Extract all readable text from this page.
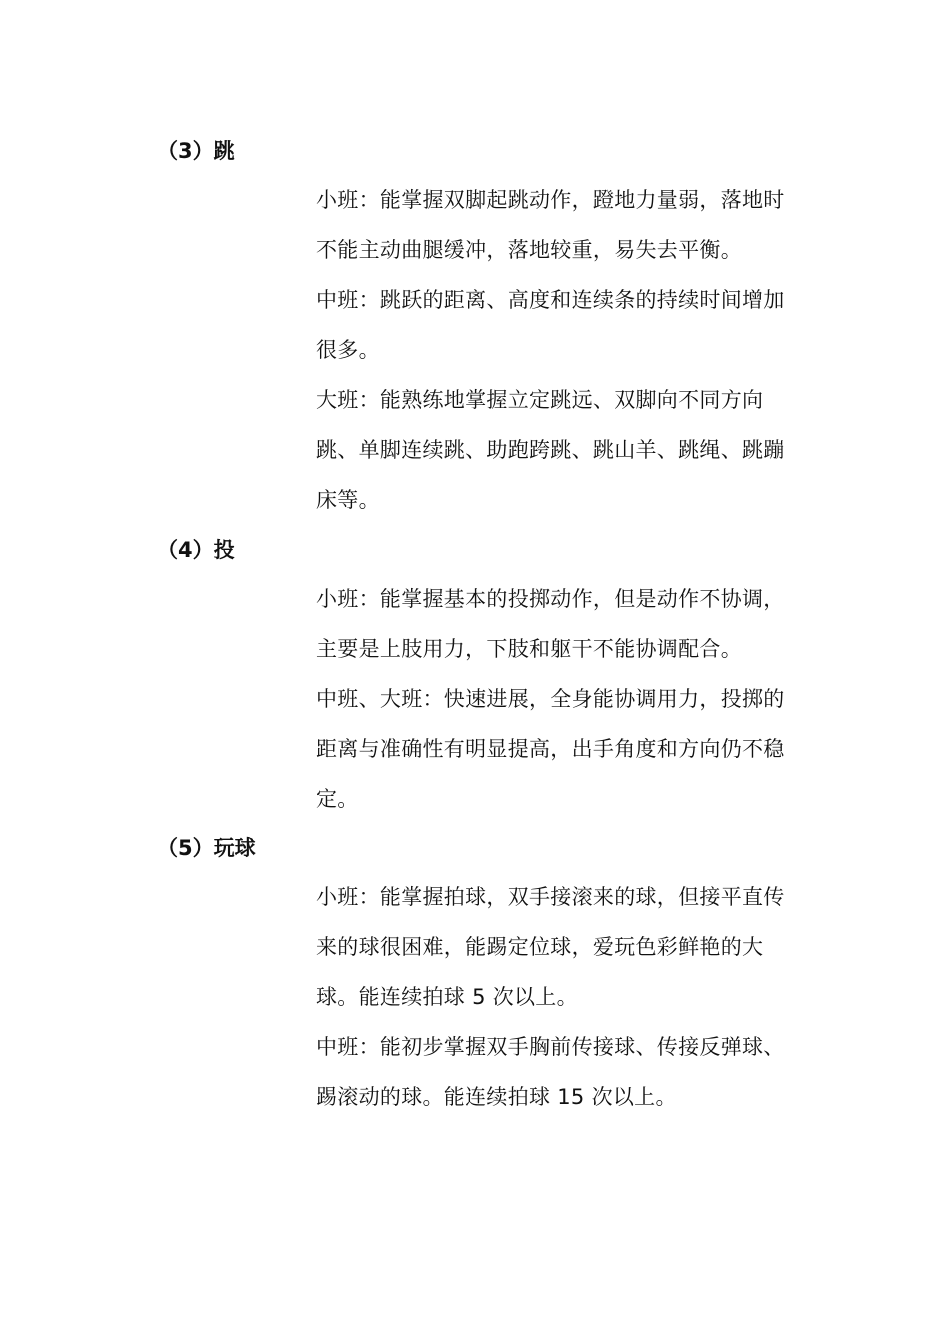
（3）跳

小班：能掌握双脚起跳动作，蹬地力量弱，落地时不能主动曲腿缓冲，落地较重，易失去平衡。

中班：跳跃的距离、高度和连续条的持续时间增加很多。

大班：能熟练地掌握立定跳远、双脚向不同方向跳、单脚连续跳、助跑跨跳、跳山羊、跳绳、跳蹦床等。

（4）投

小班：能掌握基本的投掷动作，但是动作不协调，主要是上肢用力，下肢和躯干不能协调配合。

中班、大班：快速进展，全身能协调用力，投掷的距离与准确性有明显提高，出手角度和方向仍不稳定。

（5）玩球

小班：能掌握拍球，双手接滚来的球，但接平直传来的球很困难，能踢定位球，爱玩色彩鲜艳的大球。能连续拍球 5 次以上。

中班：能初步掌握双手胸前传接球、传接反弹球、踢滚动的球。能连续拍球 15 次以上。
